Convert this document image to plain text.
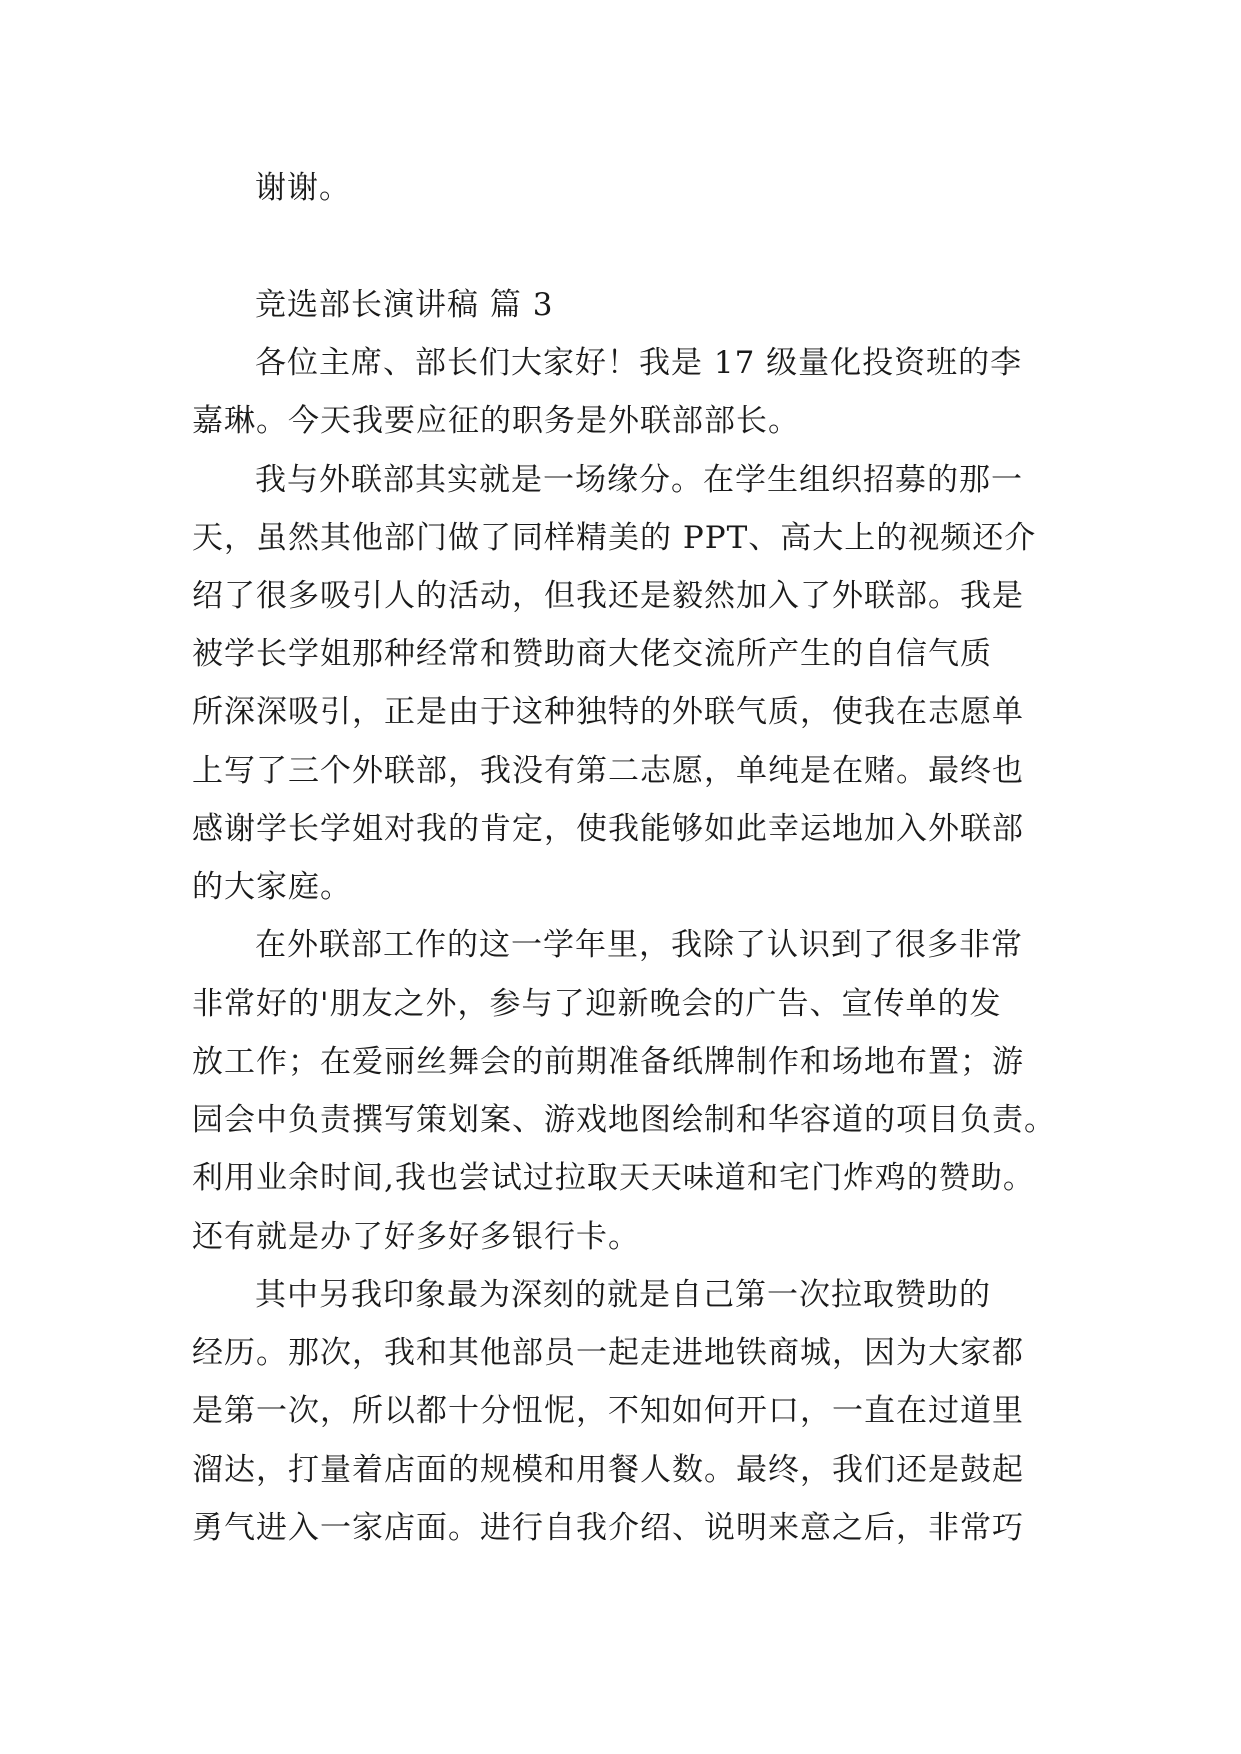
谢谢。
竞选部长演讲稿 篇 3
各位主席、部长们大家好！我是 17 级量化投资班的李
嘉琳。今天我要应征的职务是外联部部长。
我与外联部其实就是一场缘分。在学生组织招募的那一
天，虽然其他部门做了同样精美的 PPT、高大上的视频还介
绍了很多吸引人的活动，但我还是毅然加入了外联部。我是
被学长学姐那种经常和赞助商大佬交流所产生的自信气质
所深深吸引，正是由于这种独特的外联气质，使我在志愿单
上写了三个外联部，我没有第二志愿，单纯是在赌。最终也
感谢学长学姐对我的肯定，使我能够如此幸运地加入外联部
的大家庭。
在外联部工作的这一学年里，我除了认识到了很多非常
非常好的'朋友之外，参与了迎新晚会的广告、宣传单的发
放工作；在爱丽丝舞会的前期准备纸牌制作和场地布置；游
园会中负责撰写策划案、游戏地图绘制和华容道的项目负责。
利用业余时间,我也尝试过拉取天天味道和宅门炸鸡的赞助。
还有就是办了好多好多银行卡。
其中另我印象最为深刻的就是自己第一次拉取赞助的
经历。那次，我和其他部员一起走进地铁商城，因为大家都
是第一次，所以都十分忸怩，不知如何开口，一直在过道里
溜达，打量着店面的规模和用餐人数。最终，我们还是鼓起
勇气进入一家店面。进行自我介绍、说明来意之后，非常巧
